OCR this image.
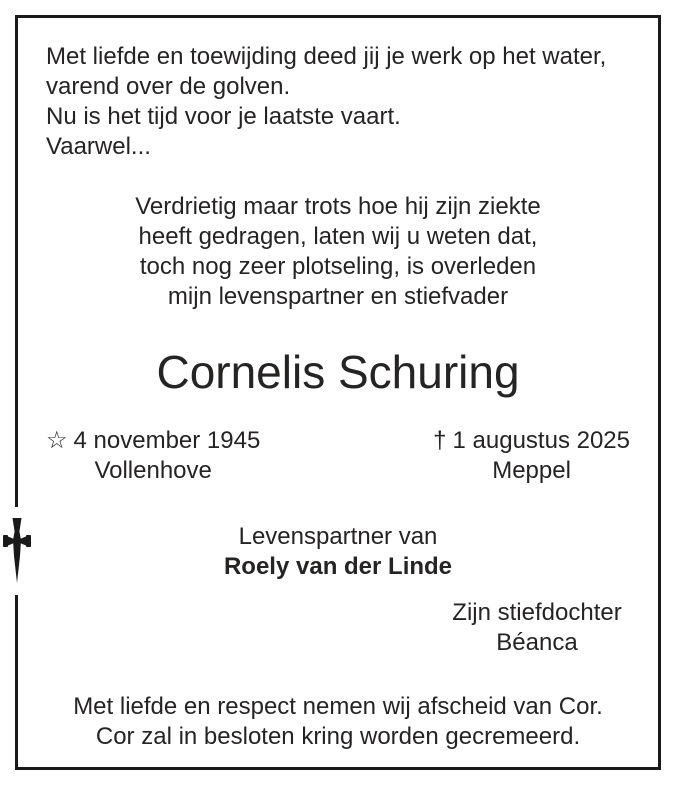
Met liefde en toewijding deed jij je werk op het water,
varend over de golven.
Nu is het tijd voor je laatste vaart.
Vaarwel...
Verdrietig maar trots hoe hij zijn ziekte
heeft gedragen, laten wij u weten dat,
toch nog zeer plotseling, is overleden
mijn levenspartner en stiefvader
Cornelis Schuring
☆ 4 november 1945
Vollenhove
† 1 augustus 2025
Meppel
Levenspartner van
Roely van der Linde
Zijn stiefdochter
Béanca
Met liefde en respect nemen wij afscheid van Cor.
Cor zal in besloten kring worden gecremeerd.
